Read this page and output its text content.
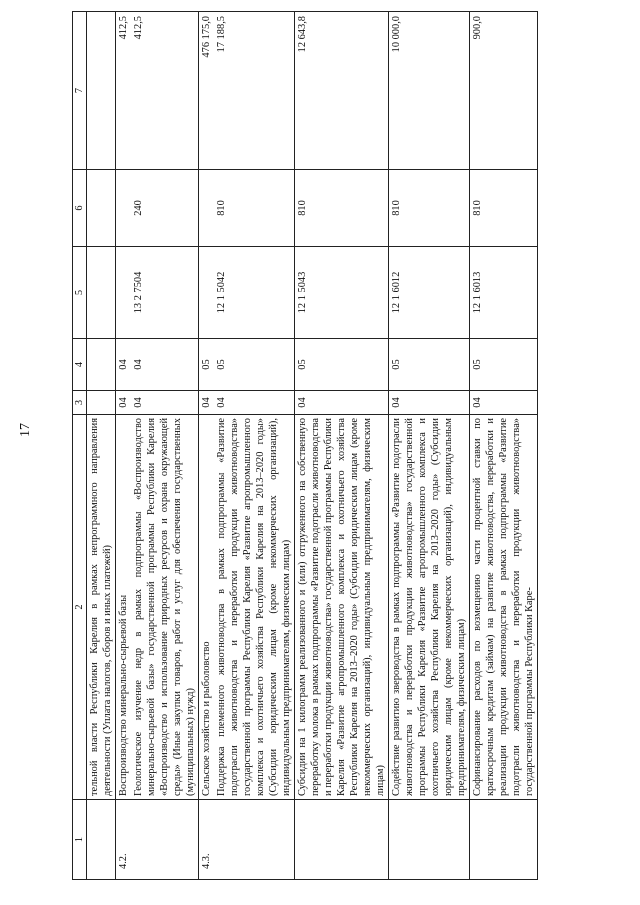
17
1	2	3	4	5	6	7
	тельной власти Республики Карелия в рамках непрограммного направления деятельности (Уплата налогов, сборов и иных платежей)					
4.2.	Воспроизводство минерально-сырьевой базы	04	04			412,5
	Геологическое изучение недр в рамках подпрограммы «Воспроизводство минерально-сырьевой базы» государственной программы Республики Карелия «Воспроизводство и использование природных ресурсов и охрана окружающей среды» (Иные закупки товаров, работ и услуг для обеспечения государственных (муниципальных) нужд)	04	04	13 2 7504	240	412,5
4.3.	Сельское хозяйство и рыболовство	04	05			476 175,0
	Поддержка племенного животноводства в рамках подпрограммы «Развитие подотрасли животноводства и переработки продукции животноводства» государственной программы Республики Карелия «Развитие агропромышленного комплекса и охотничьего хозяйства Республики Карелия на 2013–2020 годы» (Субсидии юридическим лицам (кроме некоммерческих организаций), индивидуальным предпринимателям, физическим лицам)	04	05	12 1 5042	810	17 188,5
	Субсидии на 1 килограмм реализованного и (или) отгруженного на собственную переработку молока в рамках подпрограммы «Развитие подотрасли животноводства и переработки продукции животноводства» государственной программы Республики Карелия «Развитие агропромышленного комплекса и охотничьего хозяйства Республики Карелия на 2013–2020 годы» (Субсидии юридическим лицам (кроме некоммерческих организаций), индивидуальным предпринимателям, физическим лицам)	04	05	12 1 5043	810	12 643,8
	Содействие развитию звероводства в рамках подпрограммы «Развитие подотрасли животноводства и переработки продукции животноводства» государственной программы Республики Карелия «Развитие агропромышленного комплекса и охотничьего хозяйства Республики Карелия на 2013–2020 годы» (Субсидии юридическим лицам (кроме некоммерческих организаций), индивидуальным предпринимателям, физическим лицам)	04	05	12 1 6012	810	10 000,0
	Софинансирование расходов по возмещению части процентной ставки по краткосрочным кредитам (займам) на развитие животноводства, переработки и реализации продукции животноводства в рамках подпрограммы «Развитие подотрасли животноводства и переработки продукции животноводства» государственной программы Республики Каре-	04	05	12 1 6013	810	900,0
